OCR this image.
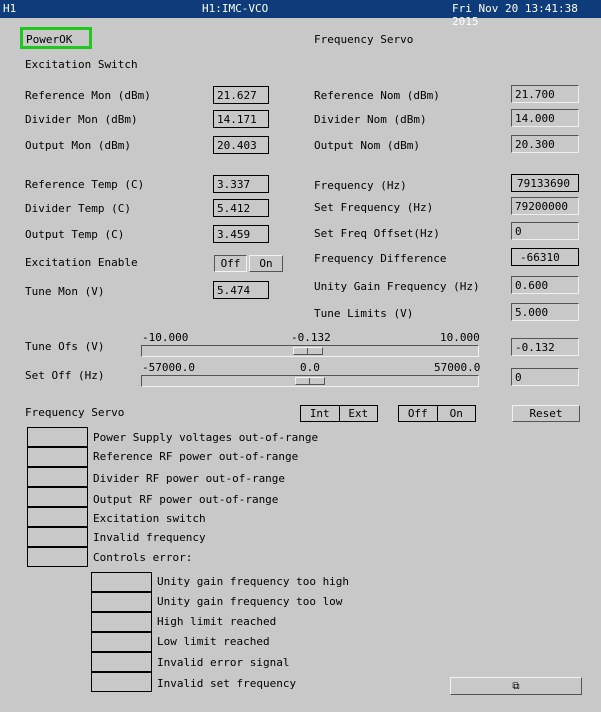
H1	H1:IMC-VCO	Fri Nov 20 13:41:38 2015
PowerOK
Excitation Switch
Frequency Servo
Reference Mon (dBm)	21.627
Divider Mon (dBm)	14.171
Output Mon (dBm)	20.403
Reference Temp (C)	3.337
Divider Temp (C)	5.412
Output Temp (C)	3.459
Excitation Enable	Off	On
Tune Mon (V)	5.474
Reference Nom (dBm)	21.700
Divider Nom (dBm)	14.000
Output Nom (dBm)	20.300
Frequency (Hz)	79133690
Set Frequency (Hz)	79200000
Set Freq Offset(Hz)	0
Frequency Difference	-66310
Unity Gain Frequency (Hz)	0.600
Tune Limits (V)	5.000
Tune Ofs (V)
-10.000	-0.132	10.000
-0.132
Set Off (Hz)
-57000.0	0.0	57000.0
0
Frequency Servo	Int	Ext	Off	On	Reset
Power Supply voltages out-of-range
Reference RF power out-of-range
Divider RF power out-of-range
Output RF power out-of-range
Excitation switch
Invalid frequency
Controls error:
Unity gain frequency too high
Unity gain frequency too low
High limit reached
Low limit reached
Invalid error signal
Invalid set frequency	⧉
